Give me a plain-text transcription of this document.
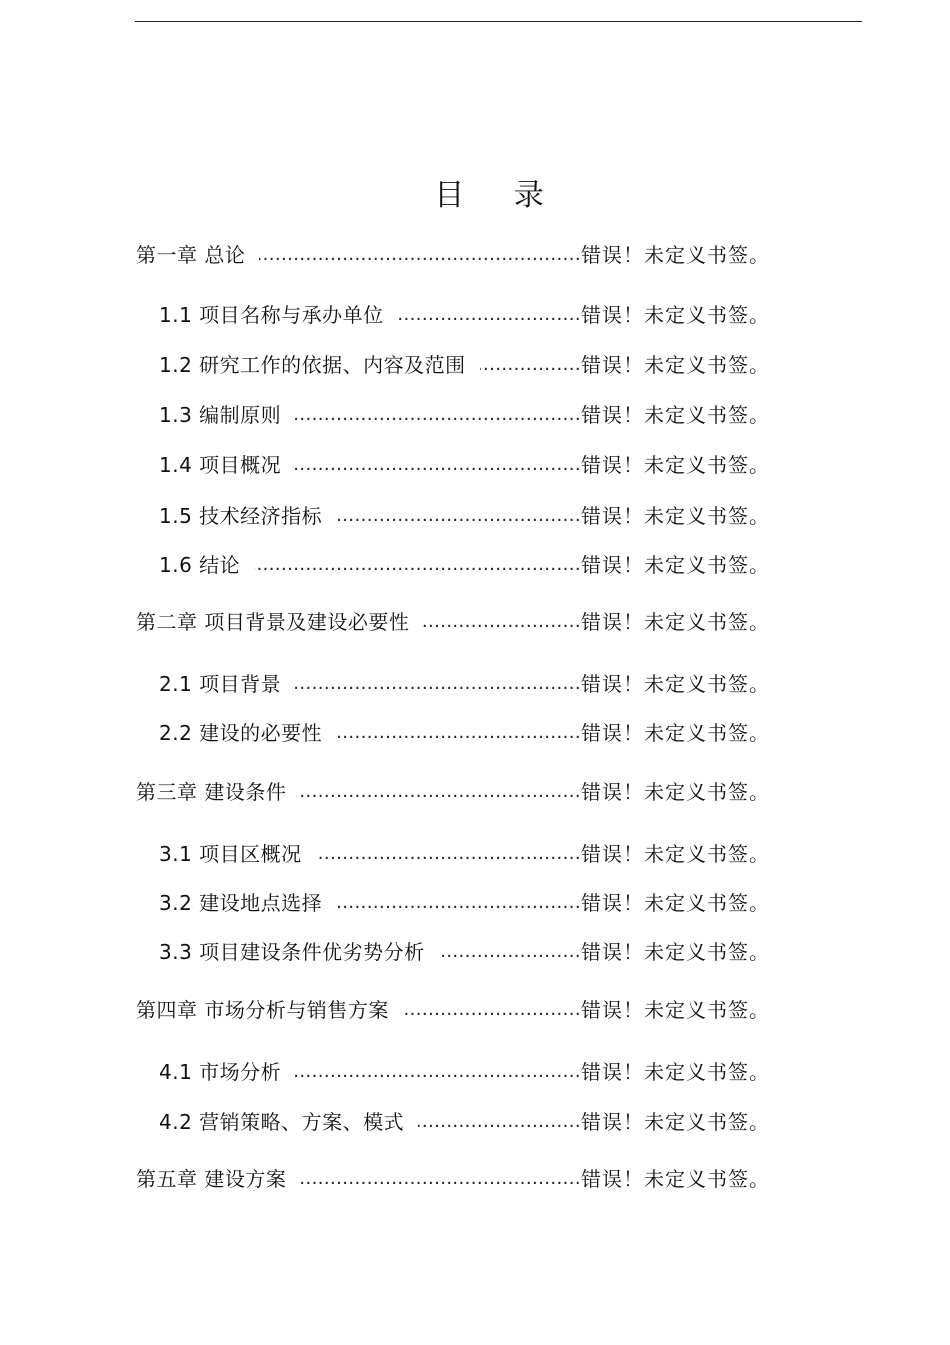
目 录
第一章 总论 .....	错误！未定义书签。
1.1 项目名称与承办单位 .....	错误！未定义书签。
1.2 研究工作的依据、内容及范围 .....	错误！未定义书签。
1.3 编制原则 .....	错误！未定义书签。
1.4 项目概况 .....	错误！未定义书签。
1.5 技术经济指标 .....	错误！未定义书签。
1.6 结论 .....	错误！未定义书签。
第二章 项目背景及建设必要性 .....	错误！未定义书签。
2.1 项目背景 .....	错误！未定义书签。
2.2 建设的必要性 .....	错误！未定义书签。
第三章 建设条件 .....	错误！未定义书签。
3.1 项目区概况 .....	错误！未定义书签。
3.2 建设地点选择 .....	错误！未定义书签。
3.3 项目建设条件优劣势分析 .....	错误！未定义书签。
第四章 市场分析与销售方案 .....	错误！未定义书签。
4.1 市场分析 .....	错误！未定义书签。
4.2 营销策略、方案、模式 .....	错误！未定义书签。
第五章 建设方案 .....	错误！未定义书签。
